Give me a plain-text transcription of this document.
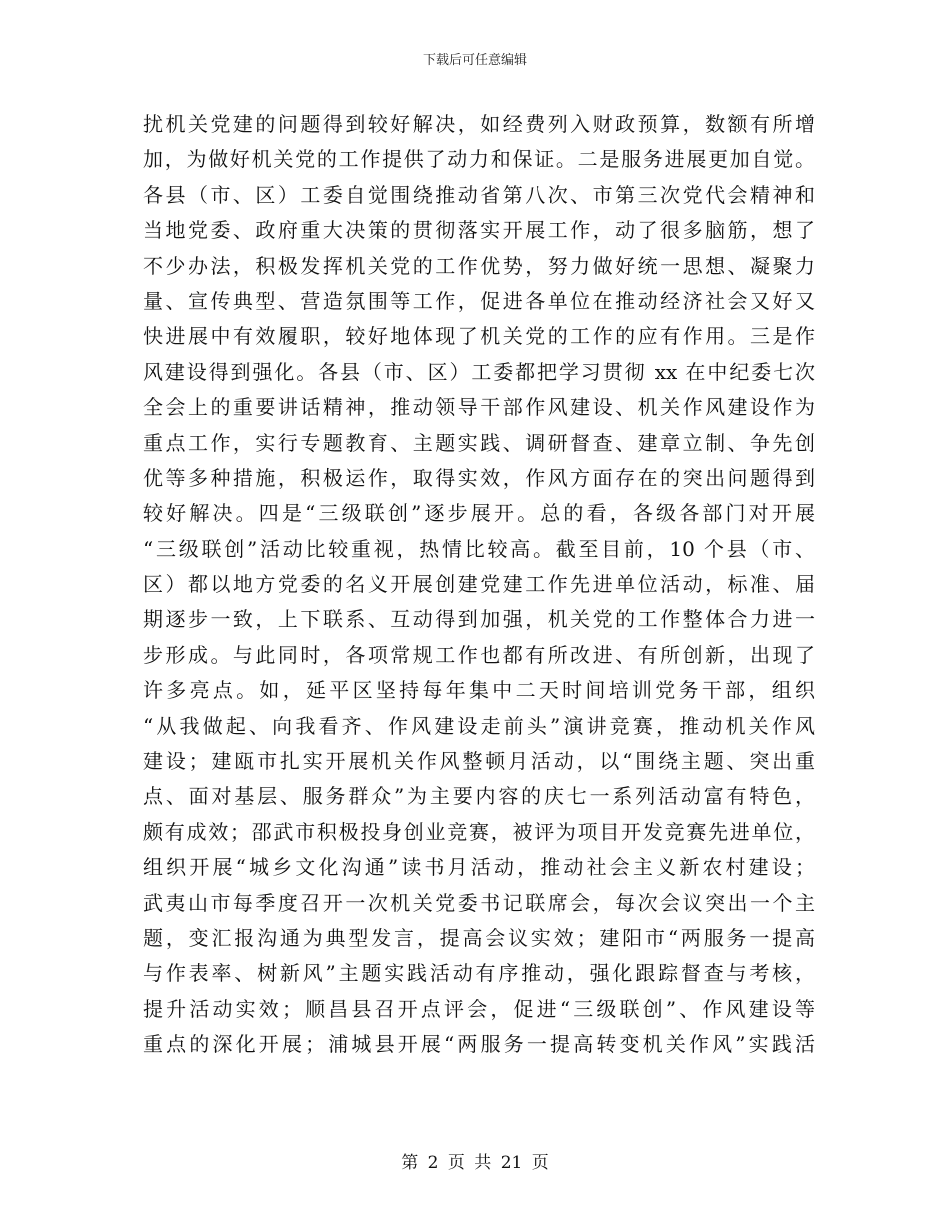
下载后可任意编辑
扰机关党建的问题得到较好解决，如经费列入财政预算，数额有所增
加，为做好机关党的工作提供了动力和保证。二是服务进展更加自觉。
各县（市、区）工委自觉围绕推动省第八次、市第三次党代会精神和
当地党委、政府重大决策的贯彻落实开展工作，动了很多脑筋，想了
不少办法，积极发挥机关党的工作优势，努力做好统一思想、凝聚力
量、宣传典型、营造氛围等工作，促进各单位在推动经济社会又好又
快进展中有效履职，较好地体现了机关党的工作的应有作用。三是作
风建设得到强化。各县（市、区）工委都把学习贯彻 xx 在中纪委七次
全会上的重要讲话精神，推动领导干部作风建设、机关作风建设作为
重点工作，实行专题教育、主题实践、调研督查、建章立制、争先创
优等多种措施，积极运作，取得实效，作风方面存在的突出问题得到
较好解决。四是“三级联创”逐步展开。总的看，各级各部门对开展
“三级联创”活动比较重视，热情比较高。截至目前，10 个县（市、
区）都以地方党委的名义开展创建党建工作先进单位活动，标准、届
期逐步一致，上下联系、互动得到加强，机关党的工作整体合力进一
步形成。与此同时，各项常规工作也都有所改进、有所创新，出现了
许多亮点。如，延平区坚持每年集中二天时间培训党务干部，组织
“从我做起、向我看齐、作风建设走前头”演讲竞赛，推动机关作风
建设；建瓯市扎实开展机关作风整顿月活动，以“围绕主题、突出重
点、面对基层、服务群众”为主要内容的庆七一系列活动富有特色，
颇有成效；邵武市积极投身创业竞赛，被评为项目开发竞赛先进单位，
组织开展“城乡文化沟通”读书月活动，推动社会主义新农村建设；
武夷山市每季度召开一次机关党委书记联席会，每次会议突出一个主
题，变汇报沟通为典型发言，提高会议实效；建阳市“两服务一提高
与作表率、树新风”主题实践活动有序推动，强化跟踪督查与考核，
提升活动实效；顺昌县召开点评会，促进“三级联创”、作风建设等
重点的深化开展；浦城县开展“两服务一提高转变机关作风”实践活
第 2 页 共 21 页
